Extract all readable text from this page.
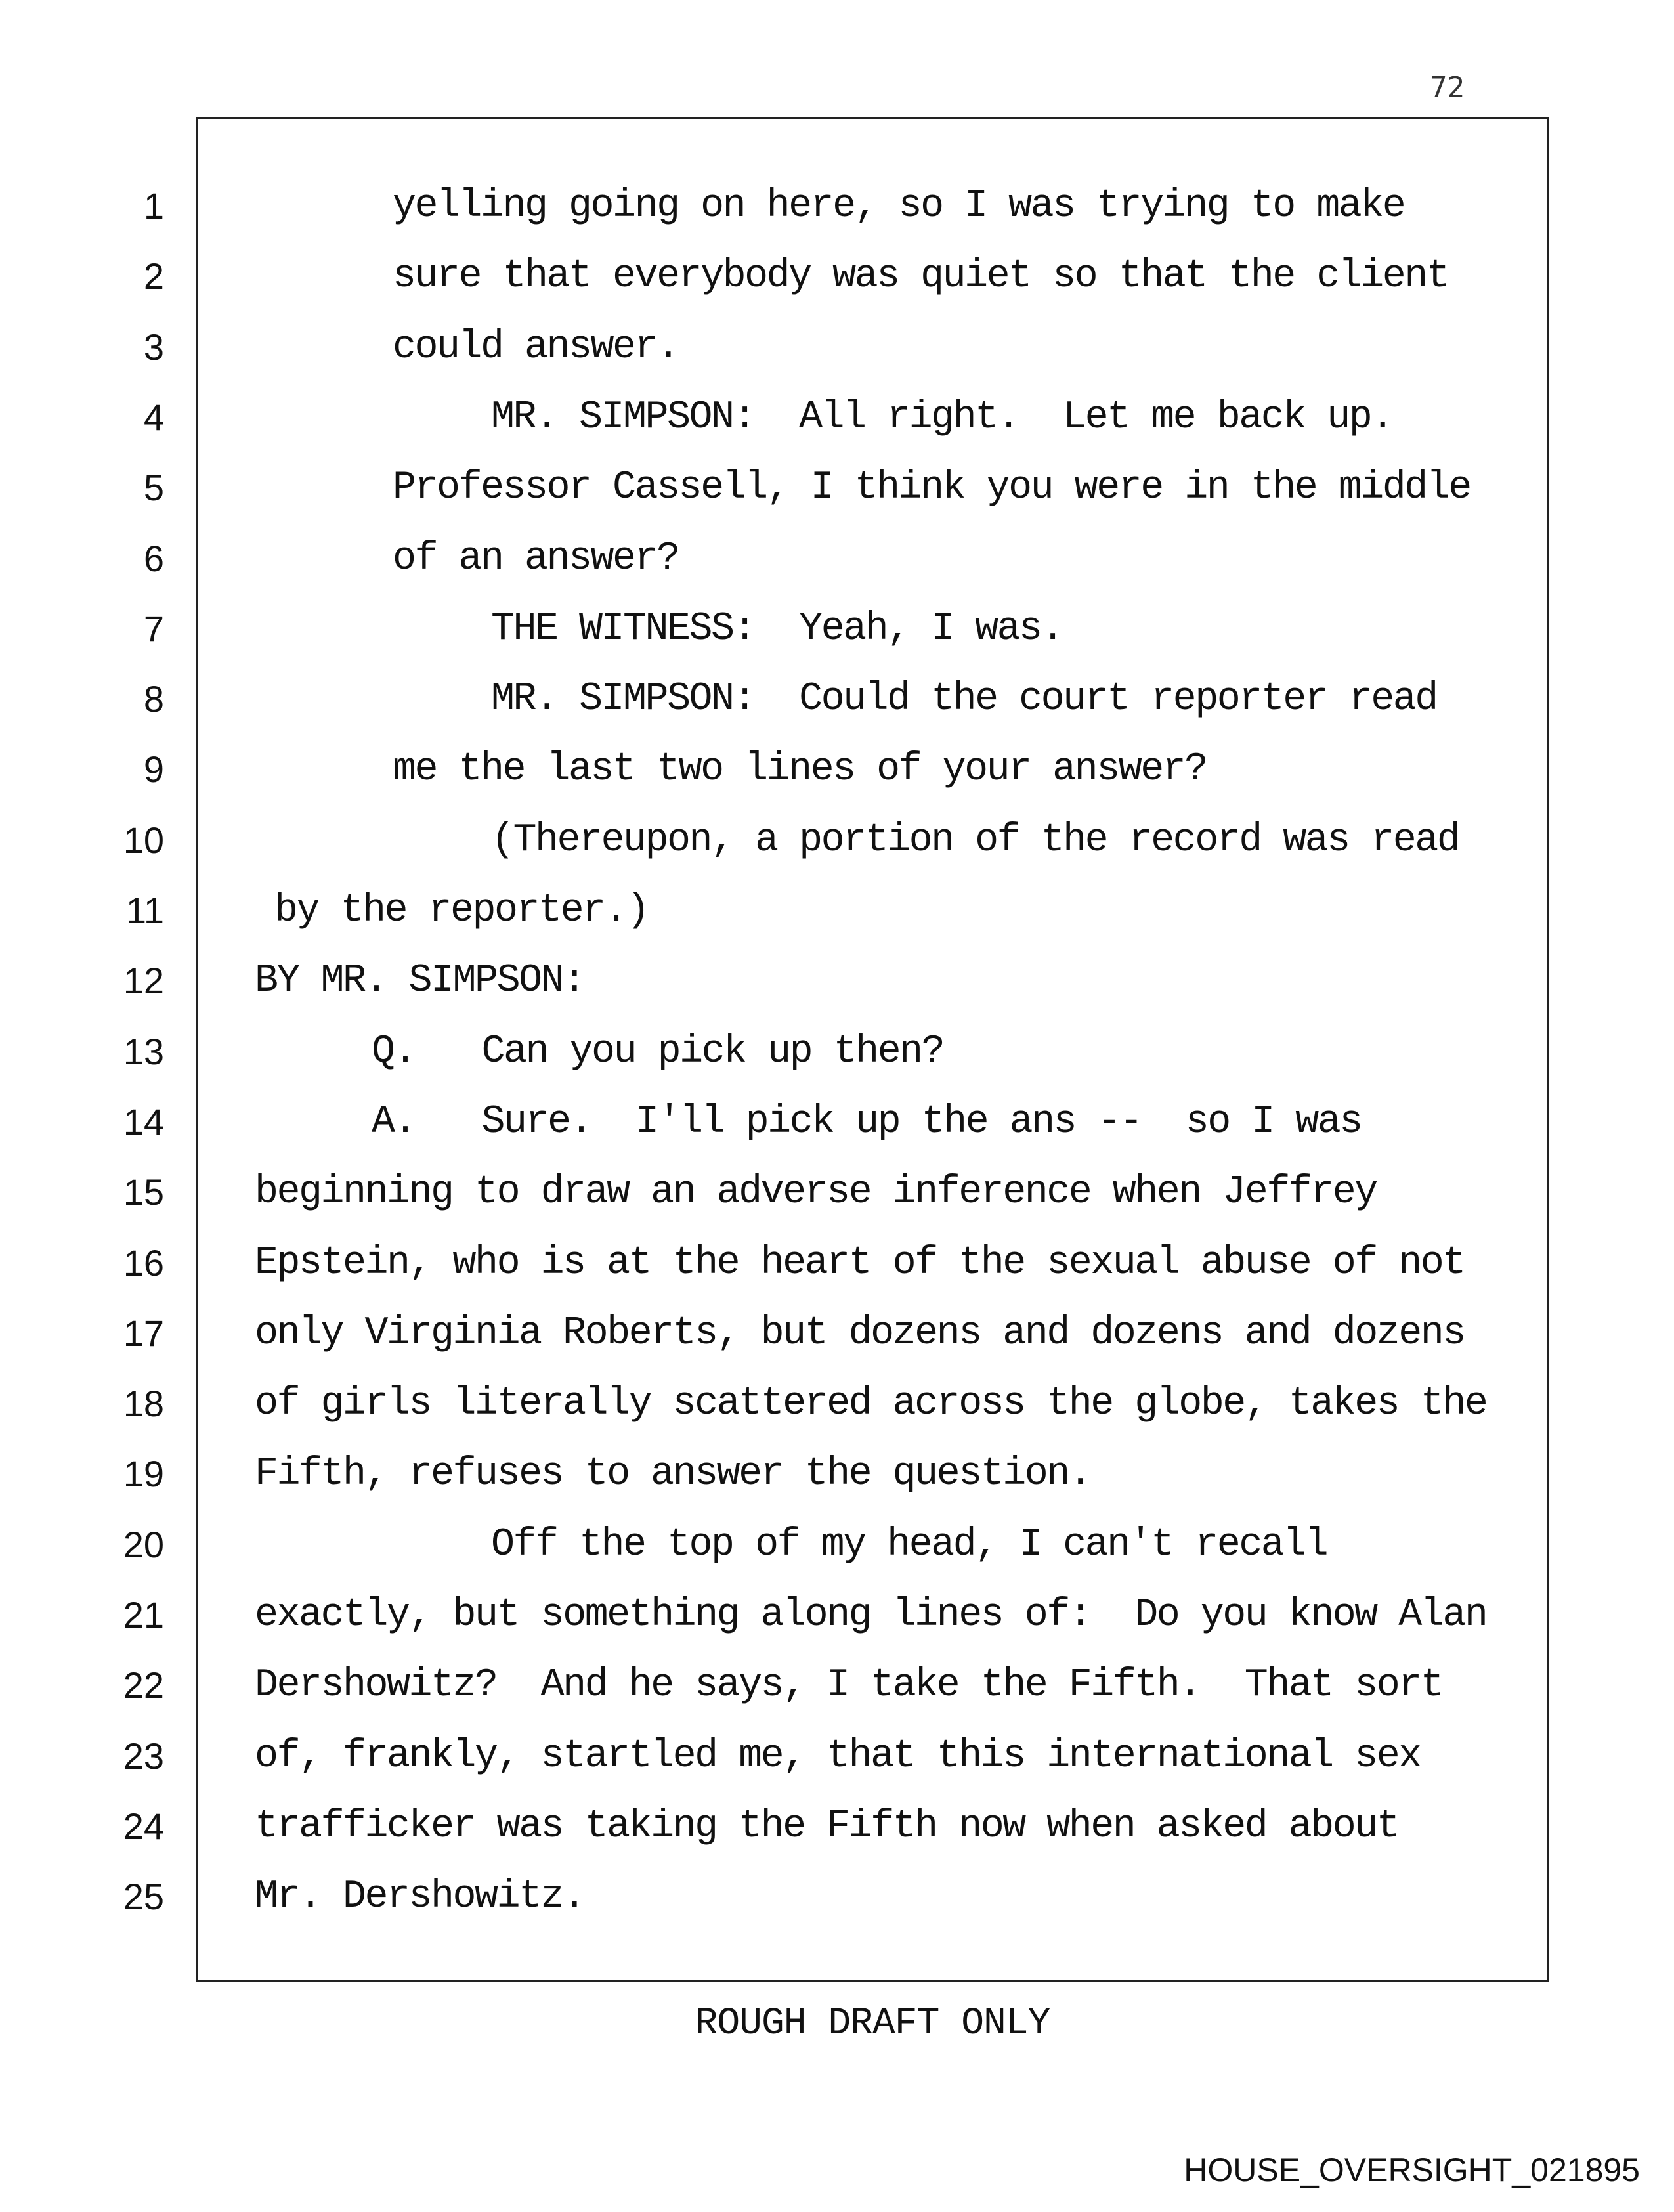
72
1
2
3
4
5
6
7
8
9
10
11
12
13
14
15
16
17
18
19
20
21
22
23
24
25
yelling going on here, so I was trying to make
sure that everybody was quiet so that the client
could answer.
MR. SIMPSON:  All right.  Let me back up.
Professor Cassell, I think you were in the middle
of an answer?
THE WITNESS:  Yeah, I was.
MR. SIMPSON:  Could the court reporter read
me the last two lines of your answer?
(Thereupon, a portion of the record was read
by the reporter.)
BY MR. SIMPSON:
Q.   Can you pick up then?
A.   Sure.  I'll pick up the ans --  so I was
beginning to draw an adverse inference when Jeffrey
Epstein, who is at the heart of the sexual abuse of not
only Virginia Roberts, but dozens and dozens and dozens
of girls literally scattered across the globe, takes the
Fifth, refuses to answer the question.
Off the top of my head, I can't recall
exactly, but something along lines of:  Do you know Alan
Dershowitz?  And he says, I take the Fifth.  That sort
of, frankly, startled me, that this international sex
trafficker was taking the Fifth now when asked about
Mr. Dershowitz.
ROUGH DRAFT ONLY
HOUSE_OVERSIGHT_021895
